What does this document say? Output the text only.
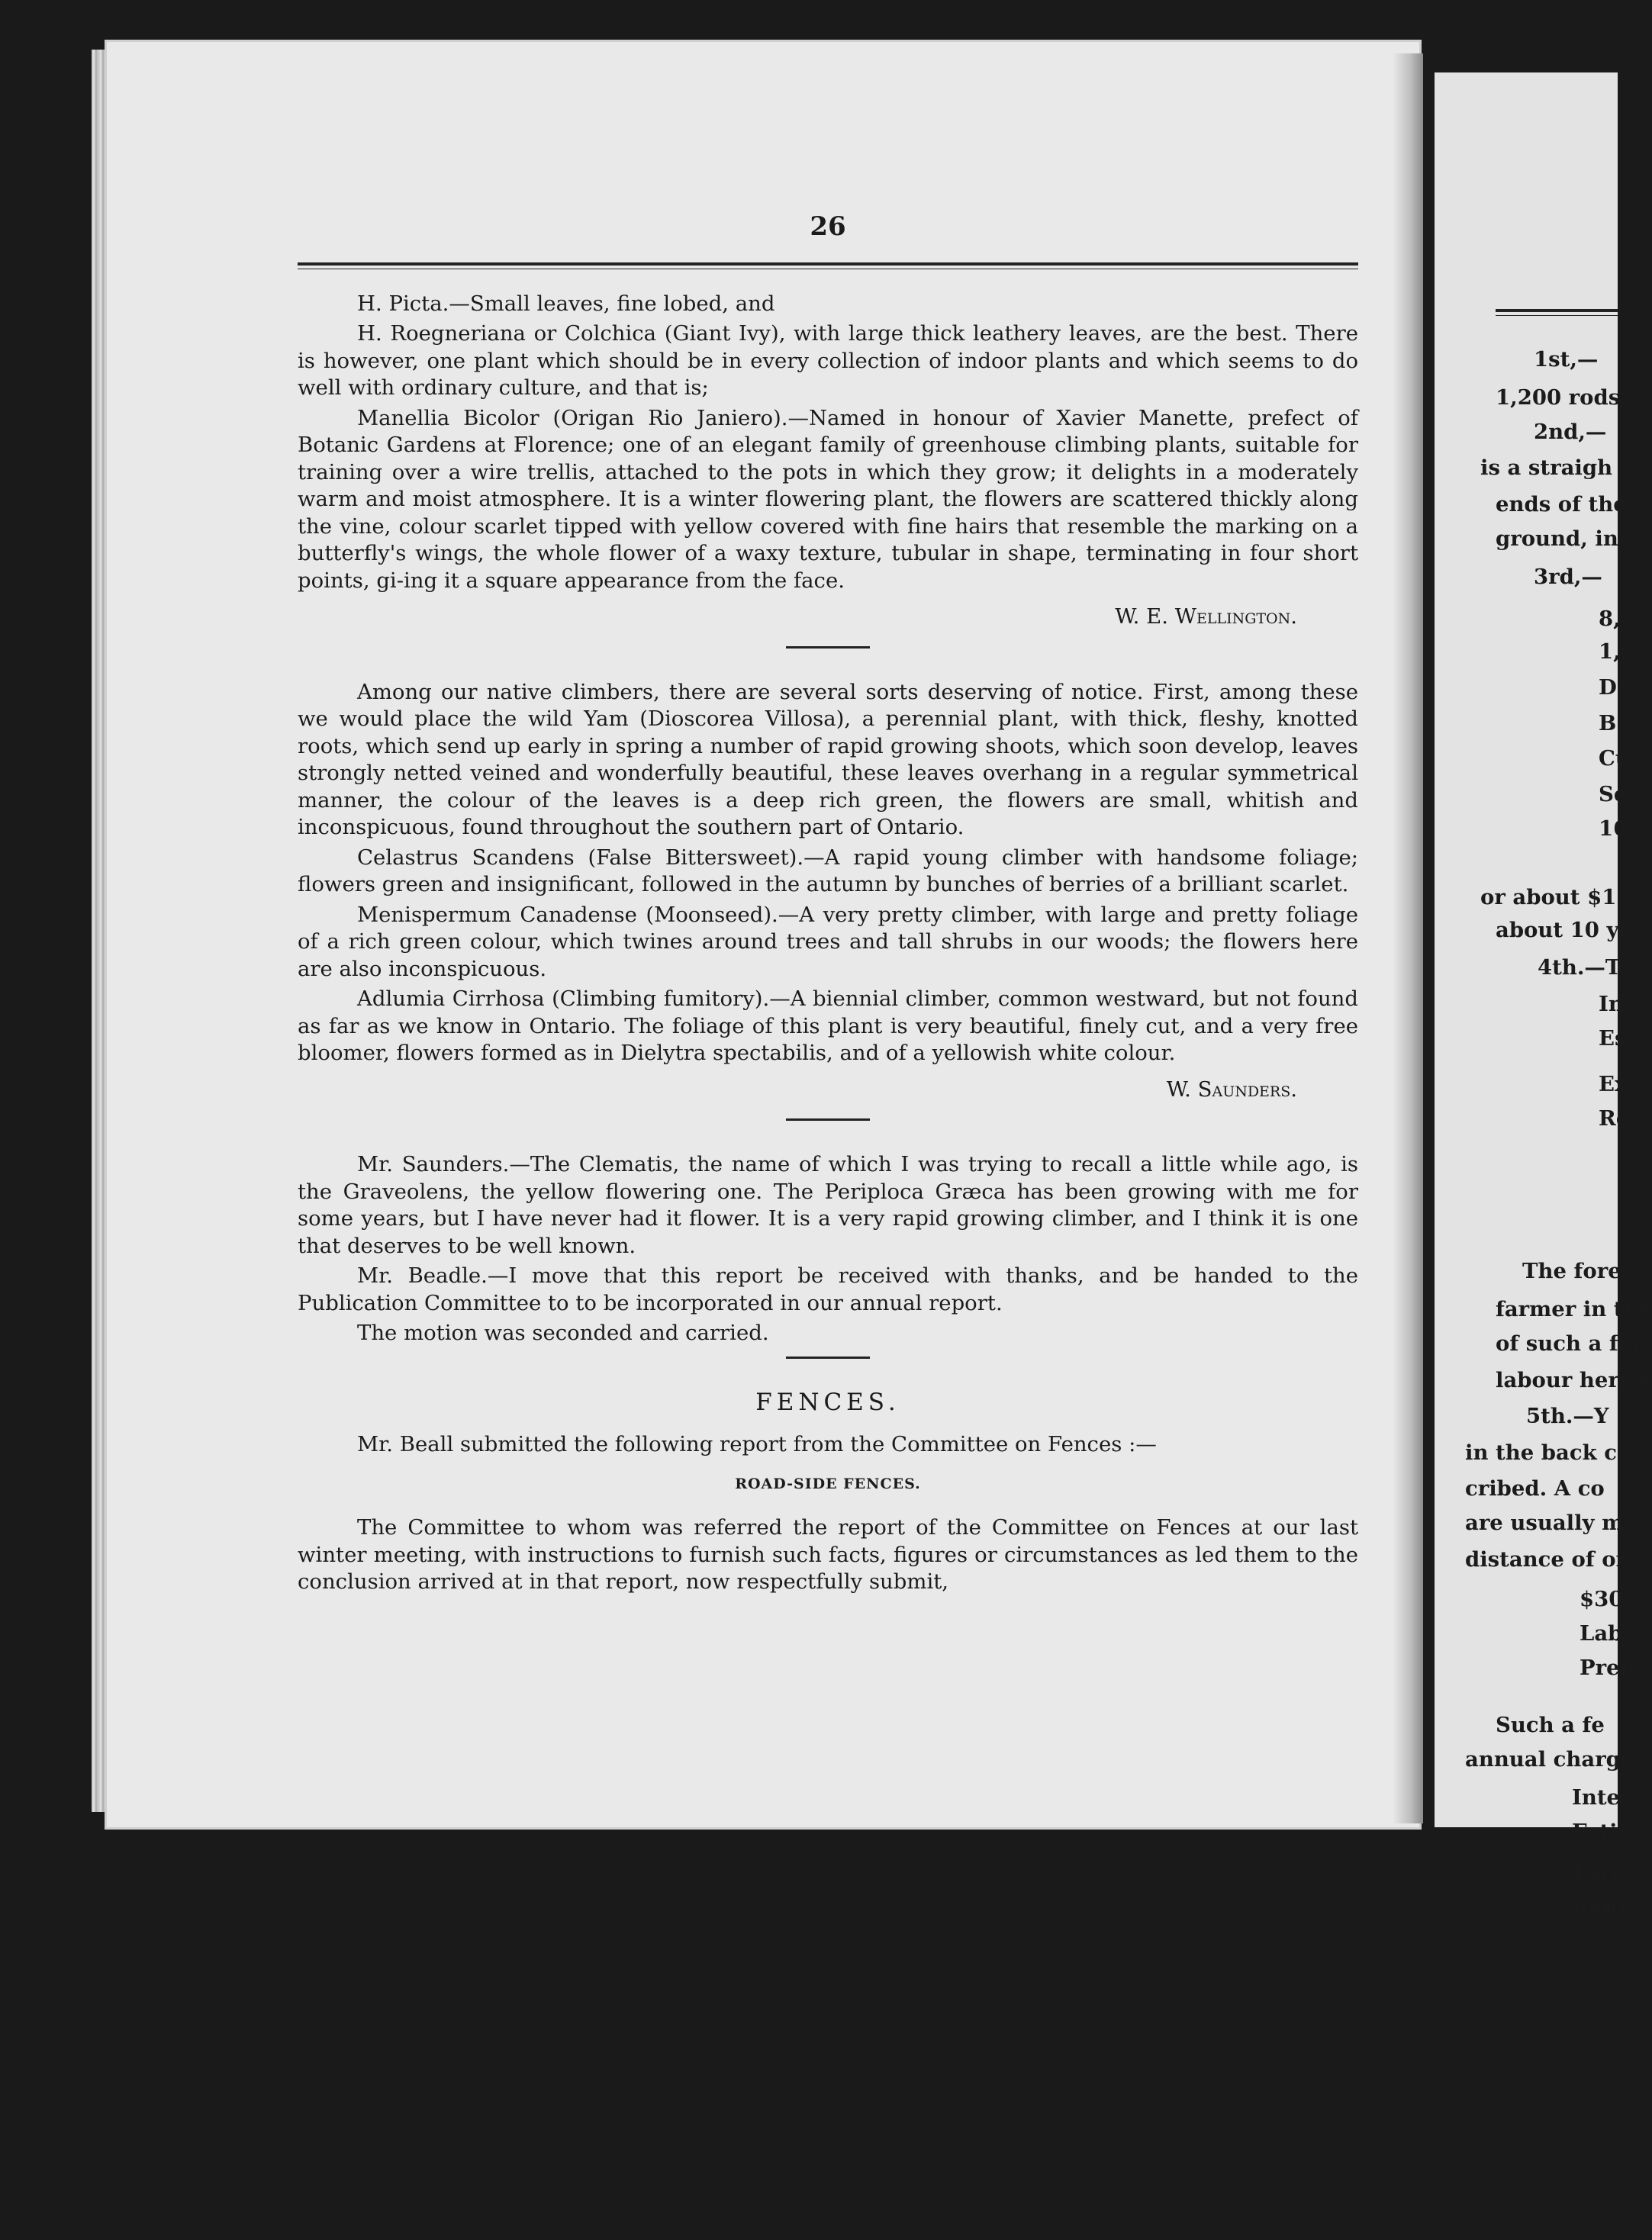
1st,—
1,200 rods
2nd,—
is a straigh
ends of the
ground, in
3rd,—
8,
1,
D
B
Cu
Se
16
or about $1.
about 10 ye
4th.—T
In
Es
Ex
Re
The fore
farmer in the
of such a fen
labour here s
5th.—Y
in the back c
cribed. A co
are usually m
distance of or
$30
Lab
Prep
Such a fe
annual charge
Inte
Esti
Extr
Rent
26

H. Picta.—Small leaves, fine lobed, and

H. Roegneriana or Colchica (Giant Ivy), with large thick leathery leaves, are the best. There is however, one plant which should be in every collection of indoor plants and which seems to do well with ordinary culture, and that is;

Manellia Bicolor (Origan Rio Janiero).—Named in honour of Xavier Manette, prefect of Botanic Gardens at Florence; one of an elegant family of greenhouse climbing plants, suitable for training over a wire trellis, attached to the pots in which they grow; it delights in a moderately warm and moist atmosphere. It is a winter flowering plant, the flowers are scattered thickly along the vine, colour scarlet tipped with yellow covered with fine hairs that resemble the marking on a butterfly's wings, the whole flower of a waxy texture, tubular in shape, terminating in four short points, gi‑ing it a square appearance from the face.

W. E. Wellington.

Among our native climbers, there are several sorts deserving of notice. First, among these we would place the wild Yam (Dioscorea Villosa), a perennial plant, with thick, fleshy, knotted roots, which send up early in spring a number of rapid growing shoots, which soon develop, leaves strongly netted veined and wonderfully beautiful, these leaves overhang in a regular symmetrical manner, the colour of the leaves is a deep rich green, the flowers are small, whitish and inconspicuous, found throughout the southern part of Ontario.

Celastrus Scandens (False Bittersweet).—A rapid young climber with handsome foliage; flowers green and insignificant, followed in the autumn by bunches of berries of a brilliant scarlet.

Menispermum Canadense (Moonseed).—A very pretty climber, with large and pretty foliage of a rich green colour, which twines around trees and tall shrubs in our woods; the flowers here are also inconspicuous.

Adlumia Cirrhosa (Climbing fumitory).—A biennial climber, common westward, but not found as far as we know in Ontario. The foliage of this plant is very beautiful, finely cut, and a very free bloomer, flowers formed as in Dielytra spectabilis, and of a yellowish white colour.

W. Saunders.

Mr. Saunders.—The Clematis, the name of which I was trying to recall a little while ago, is the Graveolens, the yellow flowering one. The Periploca Græca has been growing with me for some years, but I have never had it flower. It is a very rapid growing climber, and I think it is one that deserves to be well known.

Mr. Beadle.—I move that this report be received with thanks, and be handed to the Publication Committee to to be incorporated in our annual report.

The motion was seconded and carried.

FENCES.

Mr. Beall submitted the following report from the Committee on Fences :—

ROAD-SIDE FENCES.

The Committee to whom was referred the report of the Committee on Fences at our last winter meeting, with instructions to furnish such facts, figures or circumstances as led them to the conclusion arrived at in that report, now respectfully submit,
